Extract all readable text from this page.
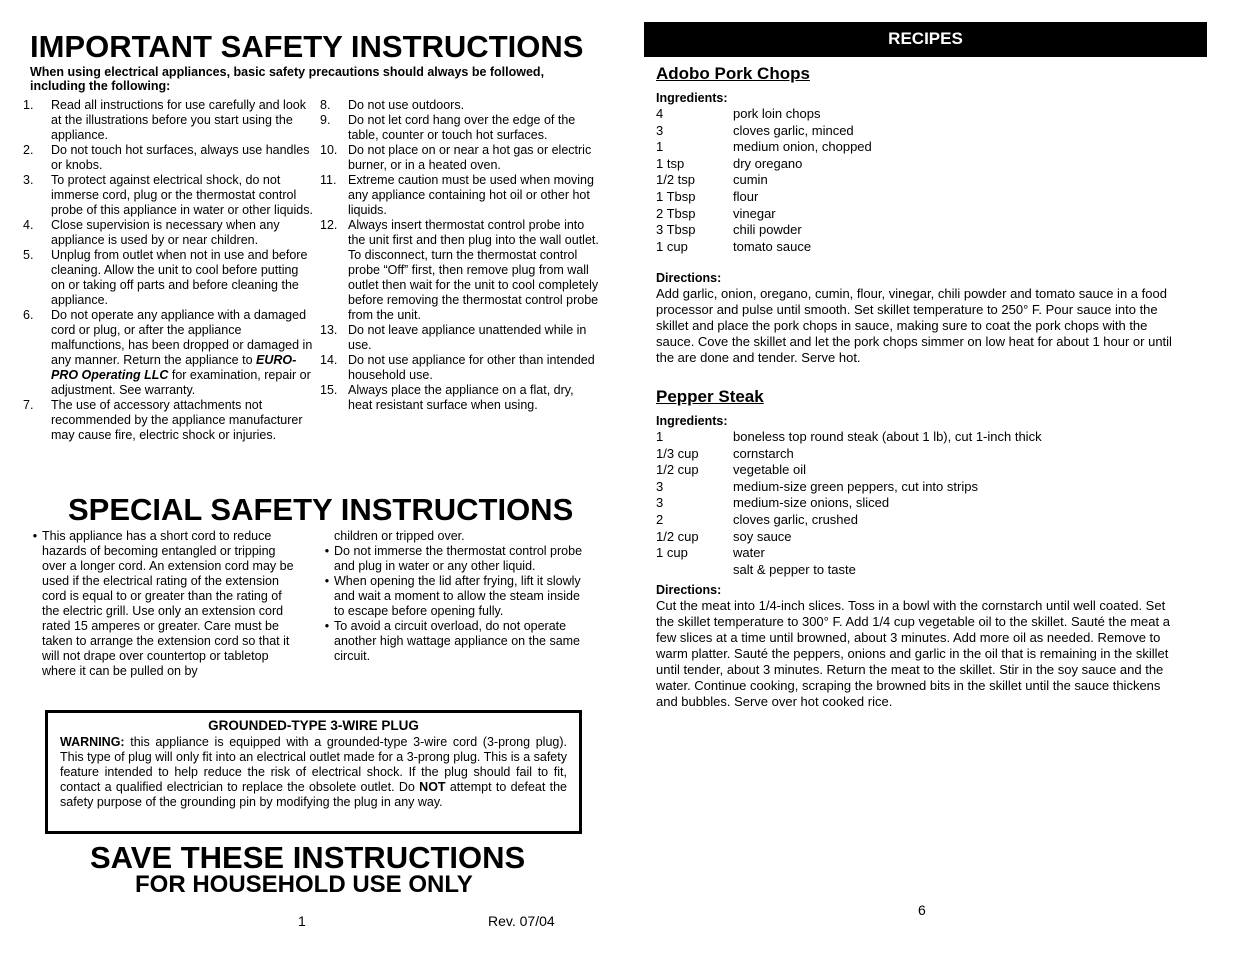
IMPORTANT SAFETY INSTRUCTIONS
When using electrical appliances, basic safety precautions should always be followed, including the following:
1.	Read all instructions for use carefully and look at the illustrations before you start using the appliance.
2.	Do not touch hot surfaces, always use handles or knobs.
3.	To protect against electrical shock, do not immerse cord, plug or the thermostat control probe of this appliance in water or other liquids.
4.	Close supervision is necessary when any appliance is used by or near children.
5.	Unplug from outlet when not in use and before cleaning. Allow the unit to cool before putting on or taking off parts and before cleaning the appliance.
6.	Do not operate any appliance with a damaged cord or plug, or after the appliance malfunctions, has been dropped or damaged in any manner. Return the appliance to EURO-PRO Operating LLC for examination, repair or adjustment. See warranty.
7.	The use of accessory attachments not recommended by the appliance manufacturer may cause fire, electric shock or injuries.
8.	Do not use outdoors.
9.	Do not let cord hang over the edge of the table, counter or touch hot surfaces.
10. Do not place on or near a hot gas or electric burner, or in a heated oven.
11. Extreme caution must be used when moving any appliance containing hot oil or other hot liquids.
12. Always insert thermostat control probe into the unit first and then plug into the wall outlet. To disconnect, turn the thermostat control probe “Off” first, then remove plug from wall outlet then wait for the unit to cool completely before removing the thermostat control probe from the unit.
13. Do not leave appliance unattended while in use.
14. Do not use appliance for other than intended household use.
15. Always place the appliance on a flat, dry, heat resistant surface when using.
SPECIAL SAFETY INSTRUCTIONS
• This appliance has a short cord to reduce hazards of becoming entangled or tripping over a longer cord. An extension cord may be used if the electrical rating of the extension cord is equal to or greater than the rating of the electric grill. Use only an extension cord rated 15 amperes or greater. Care must be taken to arrange the extension cord so that it will not drape over countertop or tabletop where it can be pulled on by
children or tripped over.
• Do not immerse the thermostat control probe and plug in water or any other liquid.
• When opening the lid after frying, lift it slowly and wait a moment to allow the steam inside to escape before opening fully.
• To avoid a circuit overload, do not operate another high wattage appliance on the same circuit.
GROUNDED-TYPE 3-WIRE PLUG

WARNING: this appliance is equipped with a grounded-type 3-wire cord (3-prong plug). This type of plug will only fit into an electrical outlet made for a 3-prong plug. This is a safety feature intended to help reduce the risk of electrical shock. If the plug should fail to fit, contact a qualified electrician to replace the obsolete outlet. Do NOT attempt to defeat the safety purpose of the grounding pin by modifying the plug in any way.

SAVE THESE INSTRUCTIONS
FOR HOUSEHOLD USE ONLY
1	Rev. 07/04
RECIPES
Adobo Pork Chops
Ingredients:
4	pork loin chops
3	cloves garlic, minced
1	medium onion, chopped
1 tsp	dry oregano
1/2 tsp	cumin
1 Tbsp	flour
2 Tbsp	vinegar
3 Tbsp	chili powder
1 cup	tomato sauce
Directions:
Add garlic, onion, oregano, cumin, flour, vinegar, chili powder and tomato sauce in a food processor and pulse until smooth. Set skillet temperature to 250° F. Pour sauce into the skillet and place the pork chops in sauce, making sure to coat the pork chops with the sauce. Cove the skillet and let the pork chops simmer on low heat for about 1 hour or until the are done and tender. Serve hot.
Pepper Steak
Ingredients:
1	boneless top round steak (about 1 lb), cut 1-inch thick
1/3 cup	cornstarch
1/2 cup	vegetable oil
3	medium-size green peppers, cut into strips
3	medium-size onions, sliced
2	cloves garlic, crushed
1/2 cup	soy sauce
1 cup	water
salt & pepper to taste
Directions:
Cut the meat into 1/4-inch slices. Toss in a bowl with the cornstarch until well coated. Set the skillet temperature to 300° F. Add 1/4 cup vegetable oil to the skillet. Sauté the meat a few slices at a time until browned, about 3 minutes. Add more oil as needed. Remove to warm platter. Sauté the peppers, onions and garlic in the oil that is remaining in the skillet until tender, about 3 minutes. Return the meat to the skillet. Stir in the soy sauce and the water. Continue cooking, scraping the browned bits in the skillet until the sauce thickens and bubbles. Serve over hot cooked rice.
6
